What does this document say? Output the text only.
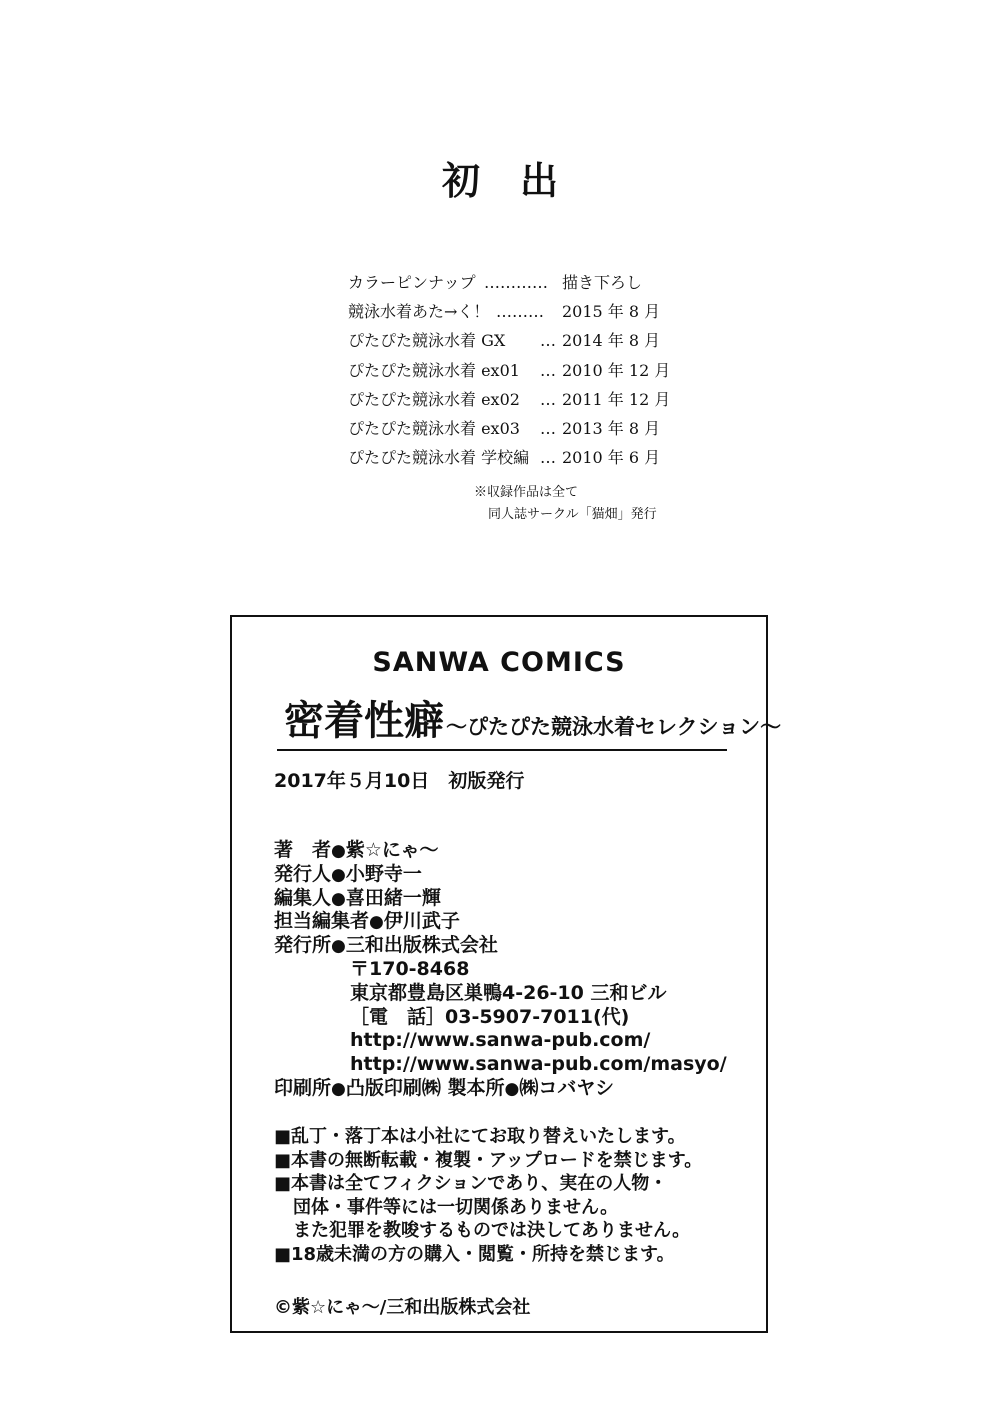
初出
カラーピンナップ ………… 描き下ろし
競泳水着あた→く！ ……… 2015 年 8 月
ぴたぴた競泳水着 GX … 2014 年 8 月
ぴたぴた競泳水着 ex01 … 2010 年 12 月
ぴたぴた競泳水着 ex02 … 2011 年 12 月
ぴたぴた競泳水着 ex03 … 2013 年 8 月
ぴたぴた競泳水着 学校編 … 2010 年 6 月
※収録作品は全て
同人誌サークル「猫畑」発行
SANWA COMICS
密着性癖～ぴたぴた競泳水着セレクション～
2017年５月10日　初版発行
著　者●紫☆にゃ～
発行人●小野寺一
編集人●喜田緒一輝
担当編集者●伊川武子
発行所●三和出版株式会社
〒170-8468
東京都豊島区巣鴨4-26-10 三和ビル
［電　話］03-5907-7011(代)
http://www.sanwa-pub.com/
http://www.sanwa-pub.com/masyo/
印刷所●凸版印刷㈱ 製本所●㈱コバヤシ
■乱丁・落丁本は小社にてお取り替えいたします。
■本書の無断転載・複製・アップロードを禁じます。
■本書は全てフィクションであり、実在の人物・
団体・事件等には一切関係ありません。
また犯罪を教唆するものでは決してありません。
■18歳未満の方の購入・閲覧・所持を禁じます。
©紫☆にゃ～/三和出版株式会社
